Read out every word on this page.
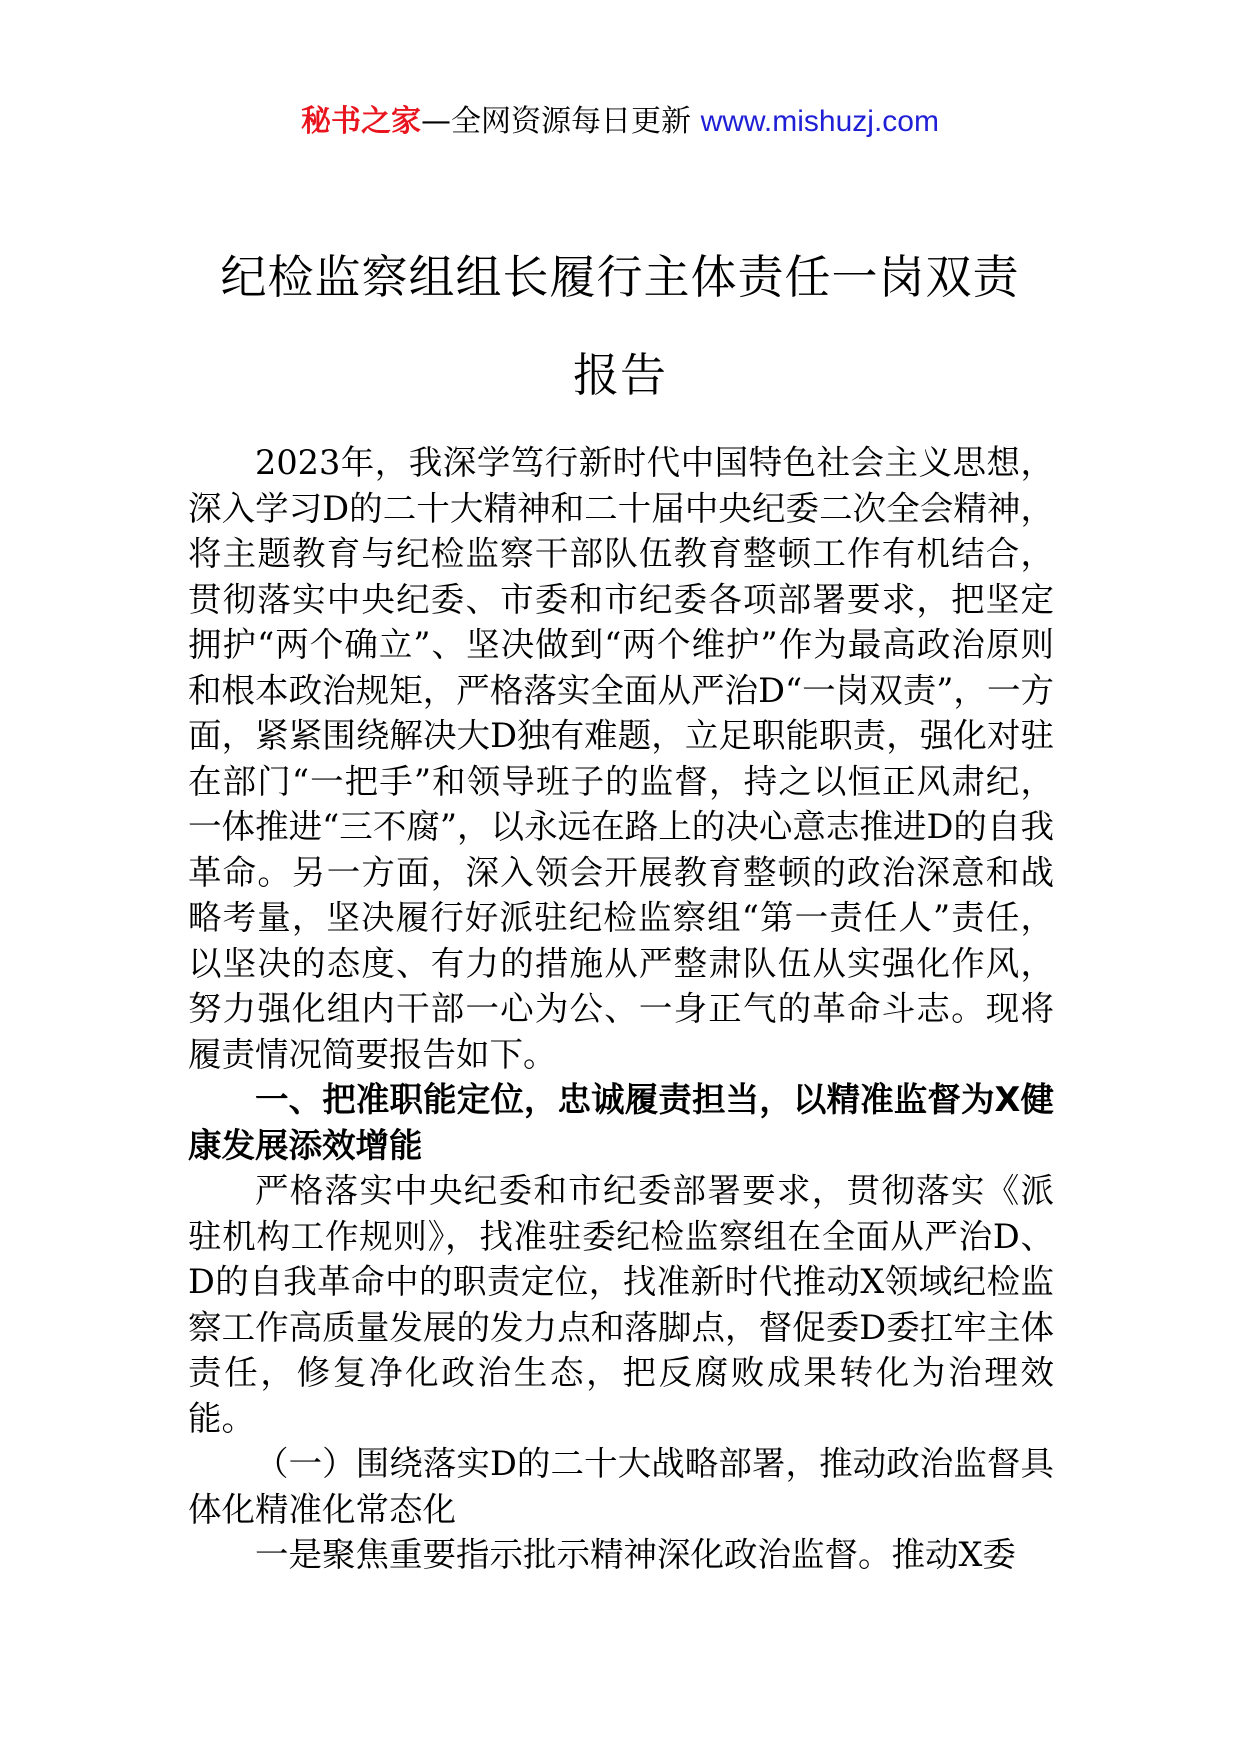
秘书之家—全网资源每日更新 www.mishuzj.com
纪检监察组组长履行主体责任一岗双责
报告

2023年，我深学笃行新时代中国特色社会主义思想，深入学习D的二十大精神和二十届中央纪委二次全会精神，将主题教育与纪检监察干部队伍教育整顿工作有机结合，贯彻落实中央纪委、市委和市纪委各项部署要求，把坚定拥护“两个确立”、坚决做到“两个维护”作为最高政治原则和根本政治规矩，严格落实全面从严治D“一岗双责”，一方面，紧紧围绕解决大D独有难题，立足职能职责，强化对驻在部门“一把手”和领导班子的监督，持之以恒正风肃纪，一体推进“三不腐”，以永远在路上的决心意志推进D的自我革命。另一方面，深入领会开展教育整顿的政治深意和战略考量，坚决履行好派驻纪检监察组“第一责任人”责任，以坚决的态度、有力的措施从严整肃队伍从实强化作风，努力强化组内干部一心为公、一身正气的革命斗志。现将履责情况简要报告如下。

一、把准职能定位，忠诚履责担当，以精准监督为X健康发展添效增能

严格落实中央纪委和市纪委部署要求，贯彻落实《派驻机构工作规则》，找准驻委纪检监察组在全面从严治D、D的自我革命中的职责定位，找准新时代推动X领域纪检监察工作高质量发展的发力点和落脚点，督促委D委扛牢主体责任，修复净化政治生态，把反腐败成果转化为治理效能。

（一）围绕落实D的二十大战略部署，推动政治监督具体化精准化常态化

一是聚焦重要指示批示精神深化政治监督。推动X委
